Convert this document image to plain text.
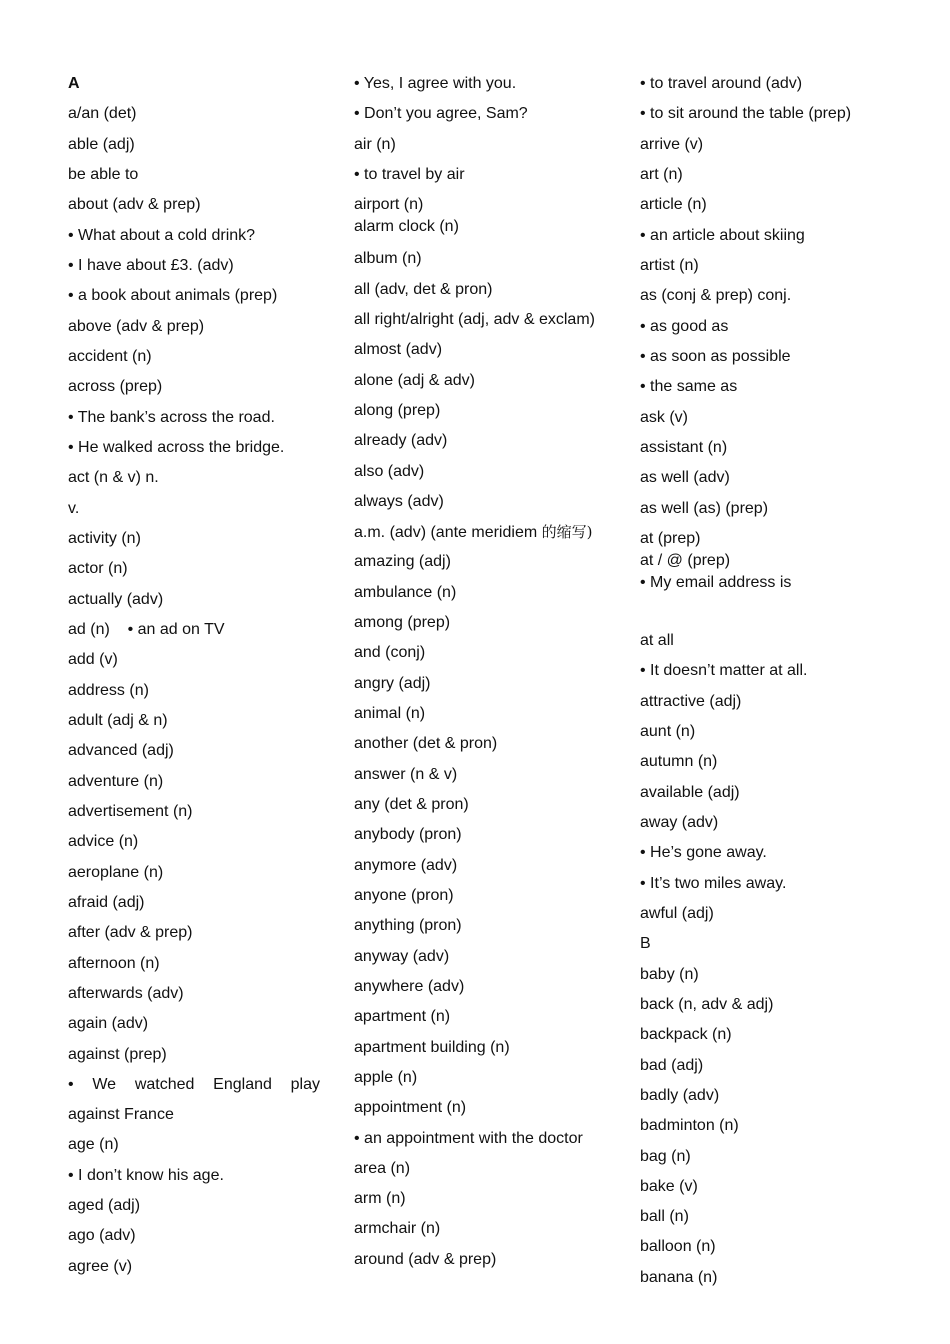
A
a/an (det)
able (adj)
be able to
about (adv & prep)
• What about a cold drink?
• I have about £3. (adv)
• a book about animals (prep)
above (adv & prep)
accident (n)
across (prep)
• The bank’s across the road.
• He walked across the bridge.
act (n & v) n.
v.
activity (n)
actor (n)
actually (adv)
ad (n)    • an ad on TV
add (v)
address (n)
adult (adj & n)
advanced (adj)
adventure (n)
advertisement (n)
advice (n)
aeroplane (n)
afraid (adj)
after (adv & prep)
afternoon (n)
afterwards (adv)
again (adv)
against (prep)
• We watched England play
against France
age (n)
• I don’t know his age.
aged (adj)
ago (adv)
agree (v)
• Yes, I agree with you.
• Don’t you agree, Sam?
air (n)
• to travel by air
airport (n)
alarm clock (n)
album (n)
all (adv, det & pron)
all right/alright (adj, adv & exclam)
almost (adv)
alone (adj & adv)
along (prep)
already (adv)
also (adv)
always (adv)
a.m. (adv) (ante meridiem 的缩写)
amazing (adj)
ambulance (n)
among (prep)
and (conj)
angry (adj)
animal (n)
another (det & pron)
answer (n & v)
any (det & pron)
anybody (pron)
anymore (adv)
anyone (pron)
anything (pron)
anyway (adv)
anywhere (adv)
apartment (n)
apartment building (n)
apple (n)
appointment (n)
• an appointment with the doctor
area (n)
arm (n)
armchair (n)
around (adv & prep)
• to travel around (adv)
• to sit around the table (prep)
arrive (v)
art (n)
article (n)
• an article about skiing
artist (n)
as (conj & prep) conj.
• as good as
• as soon as possible
• the same as
ask (v)
assistant (n)
as well (adv)
as well (as) (prep)
at (prep)
at / @ (prep)
• My email address is
at all
• It doesn’t matter at all.
attractive (adj)
aunt (n)
autumn (n)
available (adj)
away (adv)
• He’s gone away.
• It’s two miles away.
awful (adj)
B
baby (n)
back (n, adv & adj)
backpack (n)
bad (adj)
badly (adv)
badminton (n)
bag (n)
bake (v)
ball (n)
balloon (n)
banana (n)
